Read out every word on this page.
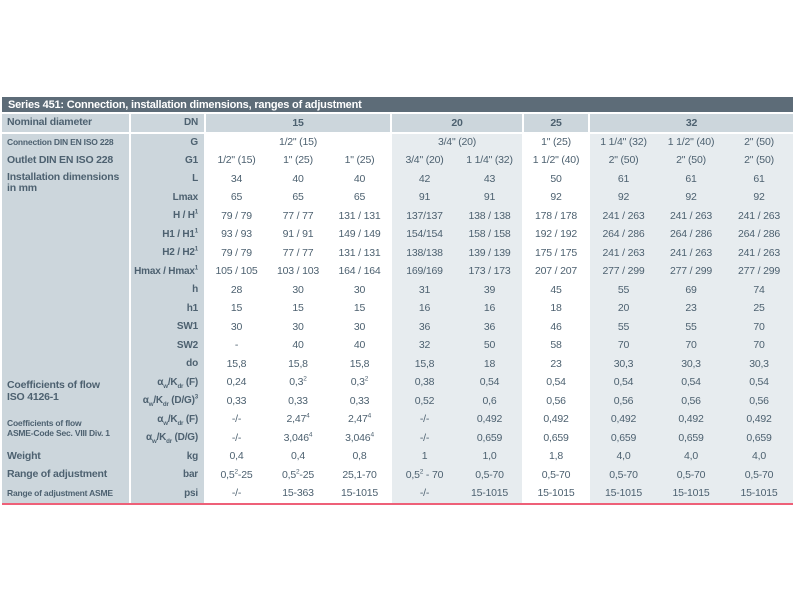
Series 451: Connection, installation dimensions, ranges of adjustment
Nominal diameter	DN	15			20		25	32		
Connection DIN EN ISO 228	G	1/2" (15)			3/4" (20)		1" (25)	1 1/4" (32)	1 1/2" (40)	2" (50)
Outlet DIN EN ISO 228	G1	1/2" (15)	1" (25)	1" (25)	3/4" (20)	1 1/4" (32)	1 1/2" (40)	2" (50)	2" (50)	2" (50)
Installation dimensions
in mm	L	34	40	40	42	43	50	61	61	61
	Lmax	65	65	65	91	91	92	92	92	92
	H / $H^1$	79 / 79	77 / 77	131 / 131	137/137	138 / 138	178 / 178	241 / 263	241 / 263	241 / 263
	$H1 / H1^1$	93 / 93	91 / 91	149 / 149	154/154	158 / 158	192 / 192	264 / 286	264 / 286	264 / 286
	$H2 / H2^1$	79 / 79	77 / 77	131 / 131	138/138	139 / 139	175 / 175	241 / 263	241 / 263	241 / 263
	Hmax / Hmax$^1$	105 / 105	103 / 103	164 / 164	169/169	173 / 173	207 / 207	277 / 299	277 / 299	277 / 299
	h	28	30	30	31	39	45	55	69	74
	h1	15	15	15	16	16	18	20	23	25
	SW1	30	30	30	36	36	46	55	55	70
	SW2	-	40	40	32	50	58	70	70	70
	do	15,8	15,8	15,8	15,8	18	23	30,3	30,3	30,3
Coefficients of flow
ISO 4126-1	$\alpha_w/K_{dr}$ (F)	0,24	$0,3^2$	$0,3^2$	0,38	0,54	0,54	0,54	0,54	0,54
	$\alpha_w/K_{dr}$ $(D/G)^3$	0,33	0,33	0,33	0,52	0,6	0,56	0,56	0,56	0,56
Coefficients of flow
ASME-Code Sec. VIII Div. 1	$\alpha_w/K_{dr}$ (F)	-/-	2,47$^4$	2,47$^4$	-/-	0,492	0,492	0,492	0,492	0,492
	$\alpha_w/K_{dr}$ (D/G)	-/-	3,046$^4$	3,046$^4$	-/-	0,659	0,659	0,659	0,659	0,659
Weight	kg	0,4	0,4	0,8	1	1,0	1,8	4,0	4,0	4,0
Range of adjustment	bar	$0,5^2-25$	$0,5^2-25$	25,1-70	$0,5^2 - 70$	0,5-70	0,5-70	0,5-70	0,5-70	0,5-70
Range of adjustment ASME	psi	-/-	15-363	15-1015	-/-	15-1015	15-1015	15-1015	15-1015	15-1015
